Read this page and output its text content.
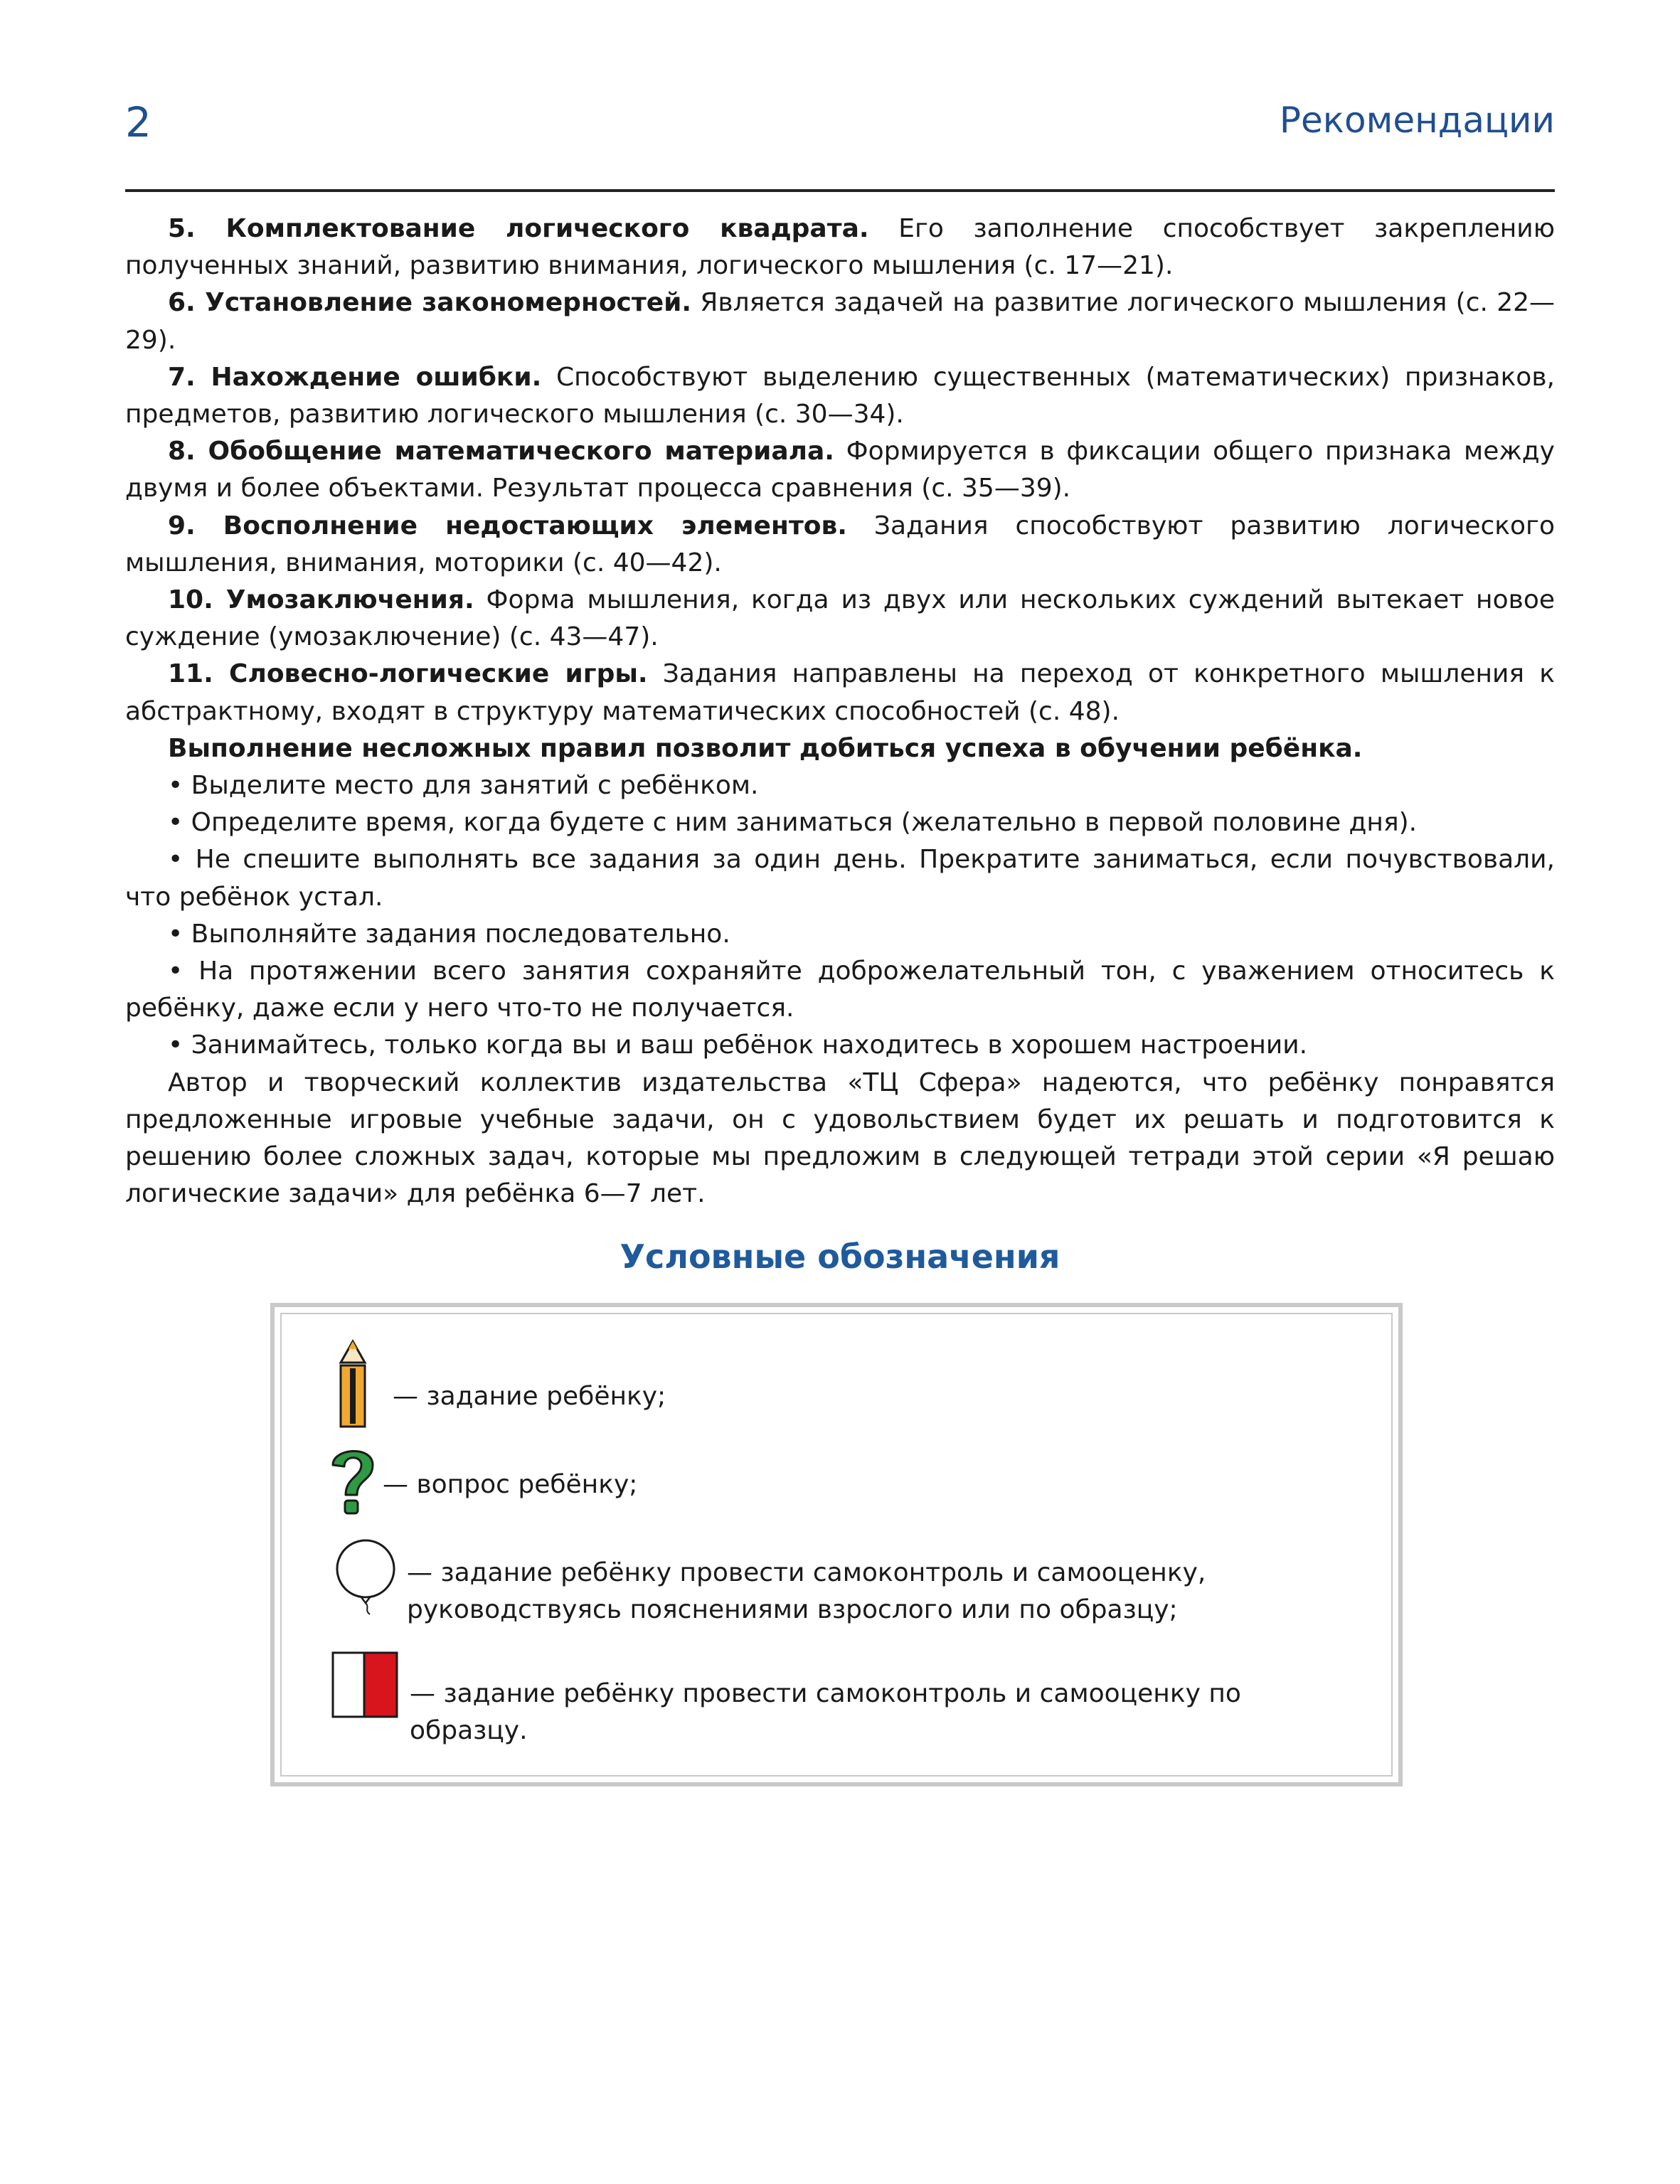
2	Рекомендации

5. Комплектование логического квадрата. Его заполнение способствует закреплению полученных знаний, развитию внимания, логического мышления (с. 17—21).

6. Установление закономерностей. Является задачей на развитие логического мышления (с. 22—29).

7. Нахождение ошибки. Способствуют выделению существенных (математических) признаков, предметов, развитию логического мышления (с. 30—34).

8. Обобщение математического материала. Формируется в фиксации общего признака между двумя и более объектами. Результат процесса сравнения (с. 35—39).

9. Восполнение недостающих элементов. Задания способствуют развитию логического мышления, внимания, моторики (с. 40—42).

10. Умозаключения. Форма мышления, когда из двух или нескольких суждений вытекает новое суждение (умозаключение) (с. 43—47).

11. Словесно-логические игры. Задания направлены на переход от конкретного мышления к абстрактному, входят в структуру математических способностей (с. 48).

Выполнение несложных правил позволит добиться успеха в обучении ребёнка.

• Выделите место для занятий с ребёнком.

• Определите время, когда будете с ним заниматься (желательно в первой половине дня).

• Не спешите выполнять все задания за один день. Прекратите заниматься, если почувствовали, что ребёнок устал.

• Выполняйте задания последовательно.

• На протяжении всего занятия сохраняйте доброжелательный тон, с уважением относитесь к ребёнку, даже если у него что-то не получается.

• Занимайтесь, только когда вы и ваш ребёнок находитесь в хорошем настроении.

Автор и творческий коллектив издательства «ТЦ Сфера» надеются, что ребёнку понравятся предложенные игровые учебные задачи, он с удовольствием будет их решать и подготовится к решению более сложных задач, которые мы предложим в следующей тетради этой серии «Я решаю логические задачи» для ребёнка 6—7 лет.

Условные обозначения
— задание ребёнку;
— вопрос ребёнку;
— задание ребёнку провести самоконтроль и самооценку, руководствуясь пояснениями взрослого или по образцу;
— задание ребёнку провести самоконтроль и самооценку по образцу.
